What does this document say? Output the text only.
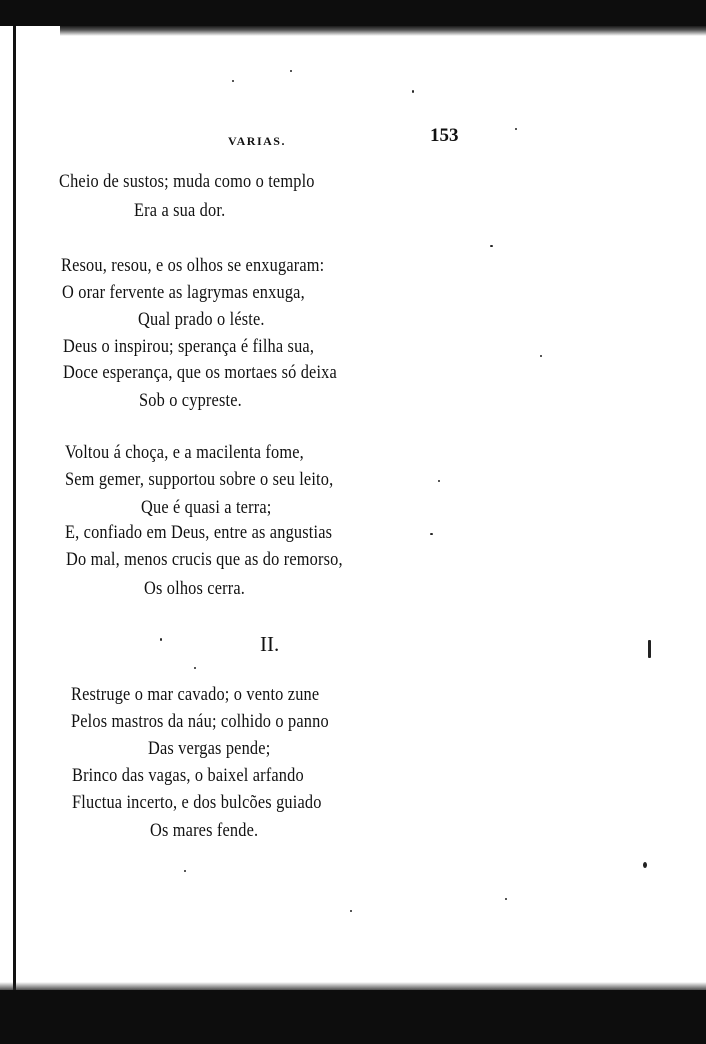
VARIAS.	153
Cheio de sustos; muda como o templo
Era a sua dor.
Resou, resou, e os olhos se enxugaram:
O orar fervente as lagrymas enxuga,
Qual prado o léste.
Deus o inspirou; sperança é filha sua,
Doce esperança, que os mortaes só deixa
Sob o cypreste.
Voltou á choça, e a macilenta fome,
Sem gemer, supportou sobre o seu leito,
Que é quasi a terra;
E, confiado em Deus, entre as angustias
Do mal, menos crucis que as do remorso,
Os olhos cerra.
II.
Restruge o mar cavado; o vento zune
Pelos mastros da náu; colhido o panno
Das vergas pende;
Brinco das vagas, o baixel arfando
Fluctua incerto, e dos bulcões guiado
Os mares fende.
